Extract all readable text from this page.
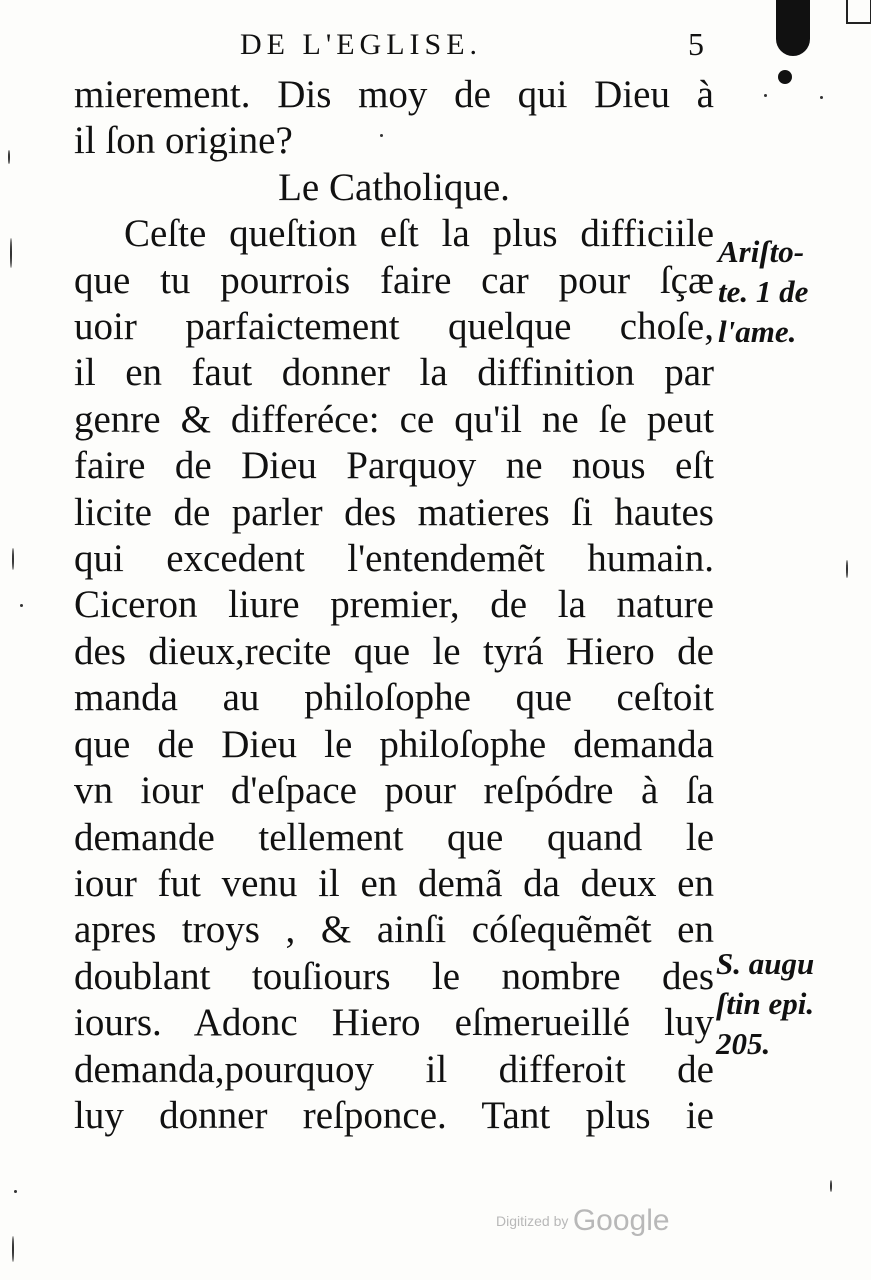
DE L'EGLISE.	5
mierement. Dis moy de qui Dieu à
il ſon origine?
Le Catholique.
Ceſte queſtion eſt la plus difficiile
que tu pourrois faire car pour ſçæ
uoir parfaictement quelque choſe,
il en faut donner la diffinition par
genre & differéce: ce qu'il ne ſe peut
faire de Dieu Parquoy ne nous eſt
licite de parler des matieres ſi hautes
qui excedent l'entendemẽt humain.
Ciceron liure premier, de la nature
des dieux,recite que le tyrá Hiero de
manda au philoſophe que ceſtoit
que de Dieu le philoſophe demanda
vn iour d'eſpace pour reſpódre à ſa
demande tellement que quand le
iour fut venu il en demã da deux en
apres troys , & ainſi cóſequẽmẽt en
doublant touſiours le nombre des
iours. Adonc Hiero eſmerueillé luy
demanda,pourquoy il differoit de
luy donner reſponce. Tant plus ie
Ariſto-
te. 1 de
l'ame.
S. augu
ſtin epi.
205.
Digitized by Google
